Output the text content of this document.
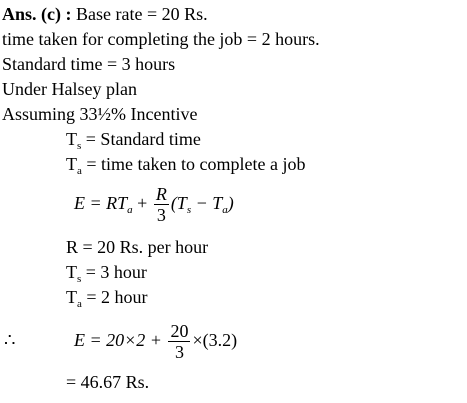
Ans. (c) : Base rate = 20 Rs.
time taken for completing the job = 2 hours.
Standard time = 3 hours
Under Halsey plan
Assuming 33½% Incentive
$T_s$ = Standard time
$T_a$ = time taken to complete a job
$E = RT_a + \frac{R}{3} (T_s - T_a)$
R = 20 Rs. per hour
$T_s = 3$ hour
$T_a = 2$ hour
∴	$E = 20\times 2 + \frac{20}{3} \times(3.2)$
= 46.67 Rs.
